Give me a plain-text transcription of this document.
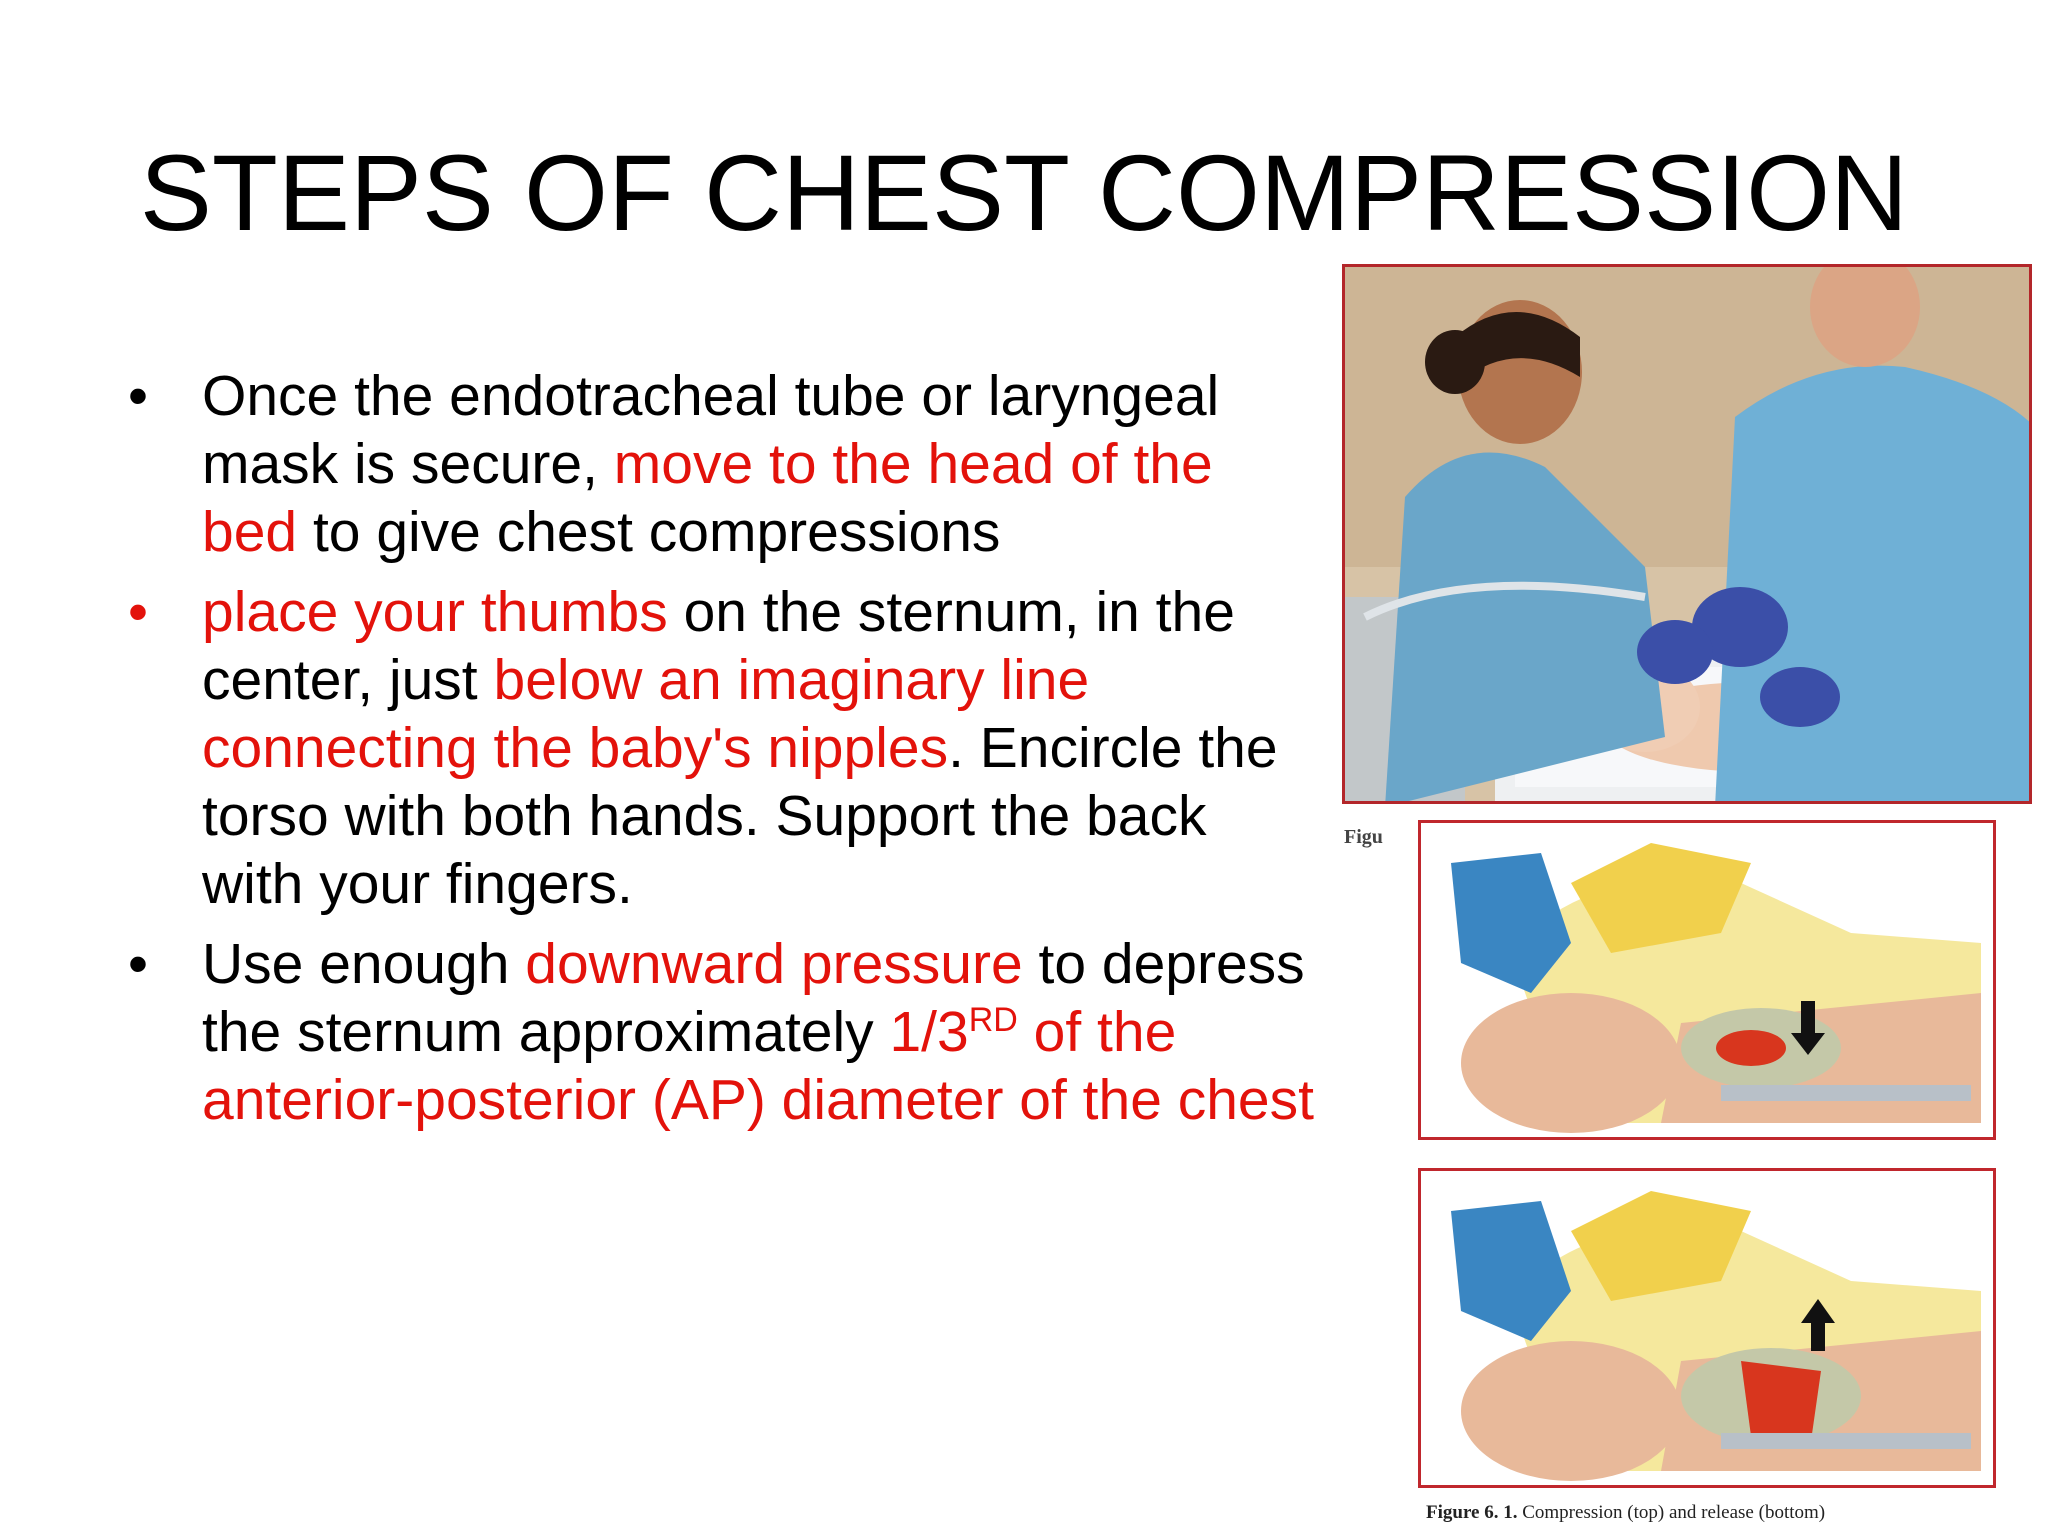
STEPS OF CHEST COMPRESSION
• Once the endotracheal tube or laryngeal mask is secure, move to the head of the bed to give chest compressions
• place your thumbs on the sternum, in the center, just below an imaginary line connecting the baby's nipples. Encircle the torso with both hands. Support the back with your fingers.
• Use enough downward pressure to depress the sternum approximately 1/3RD of the anterior-posterior (AP) diameter of the chest
Figu
Figure 6. 1. Compression (top) and release (bottom)
